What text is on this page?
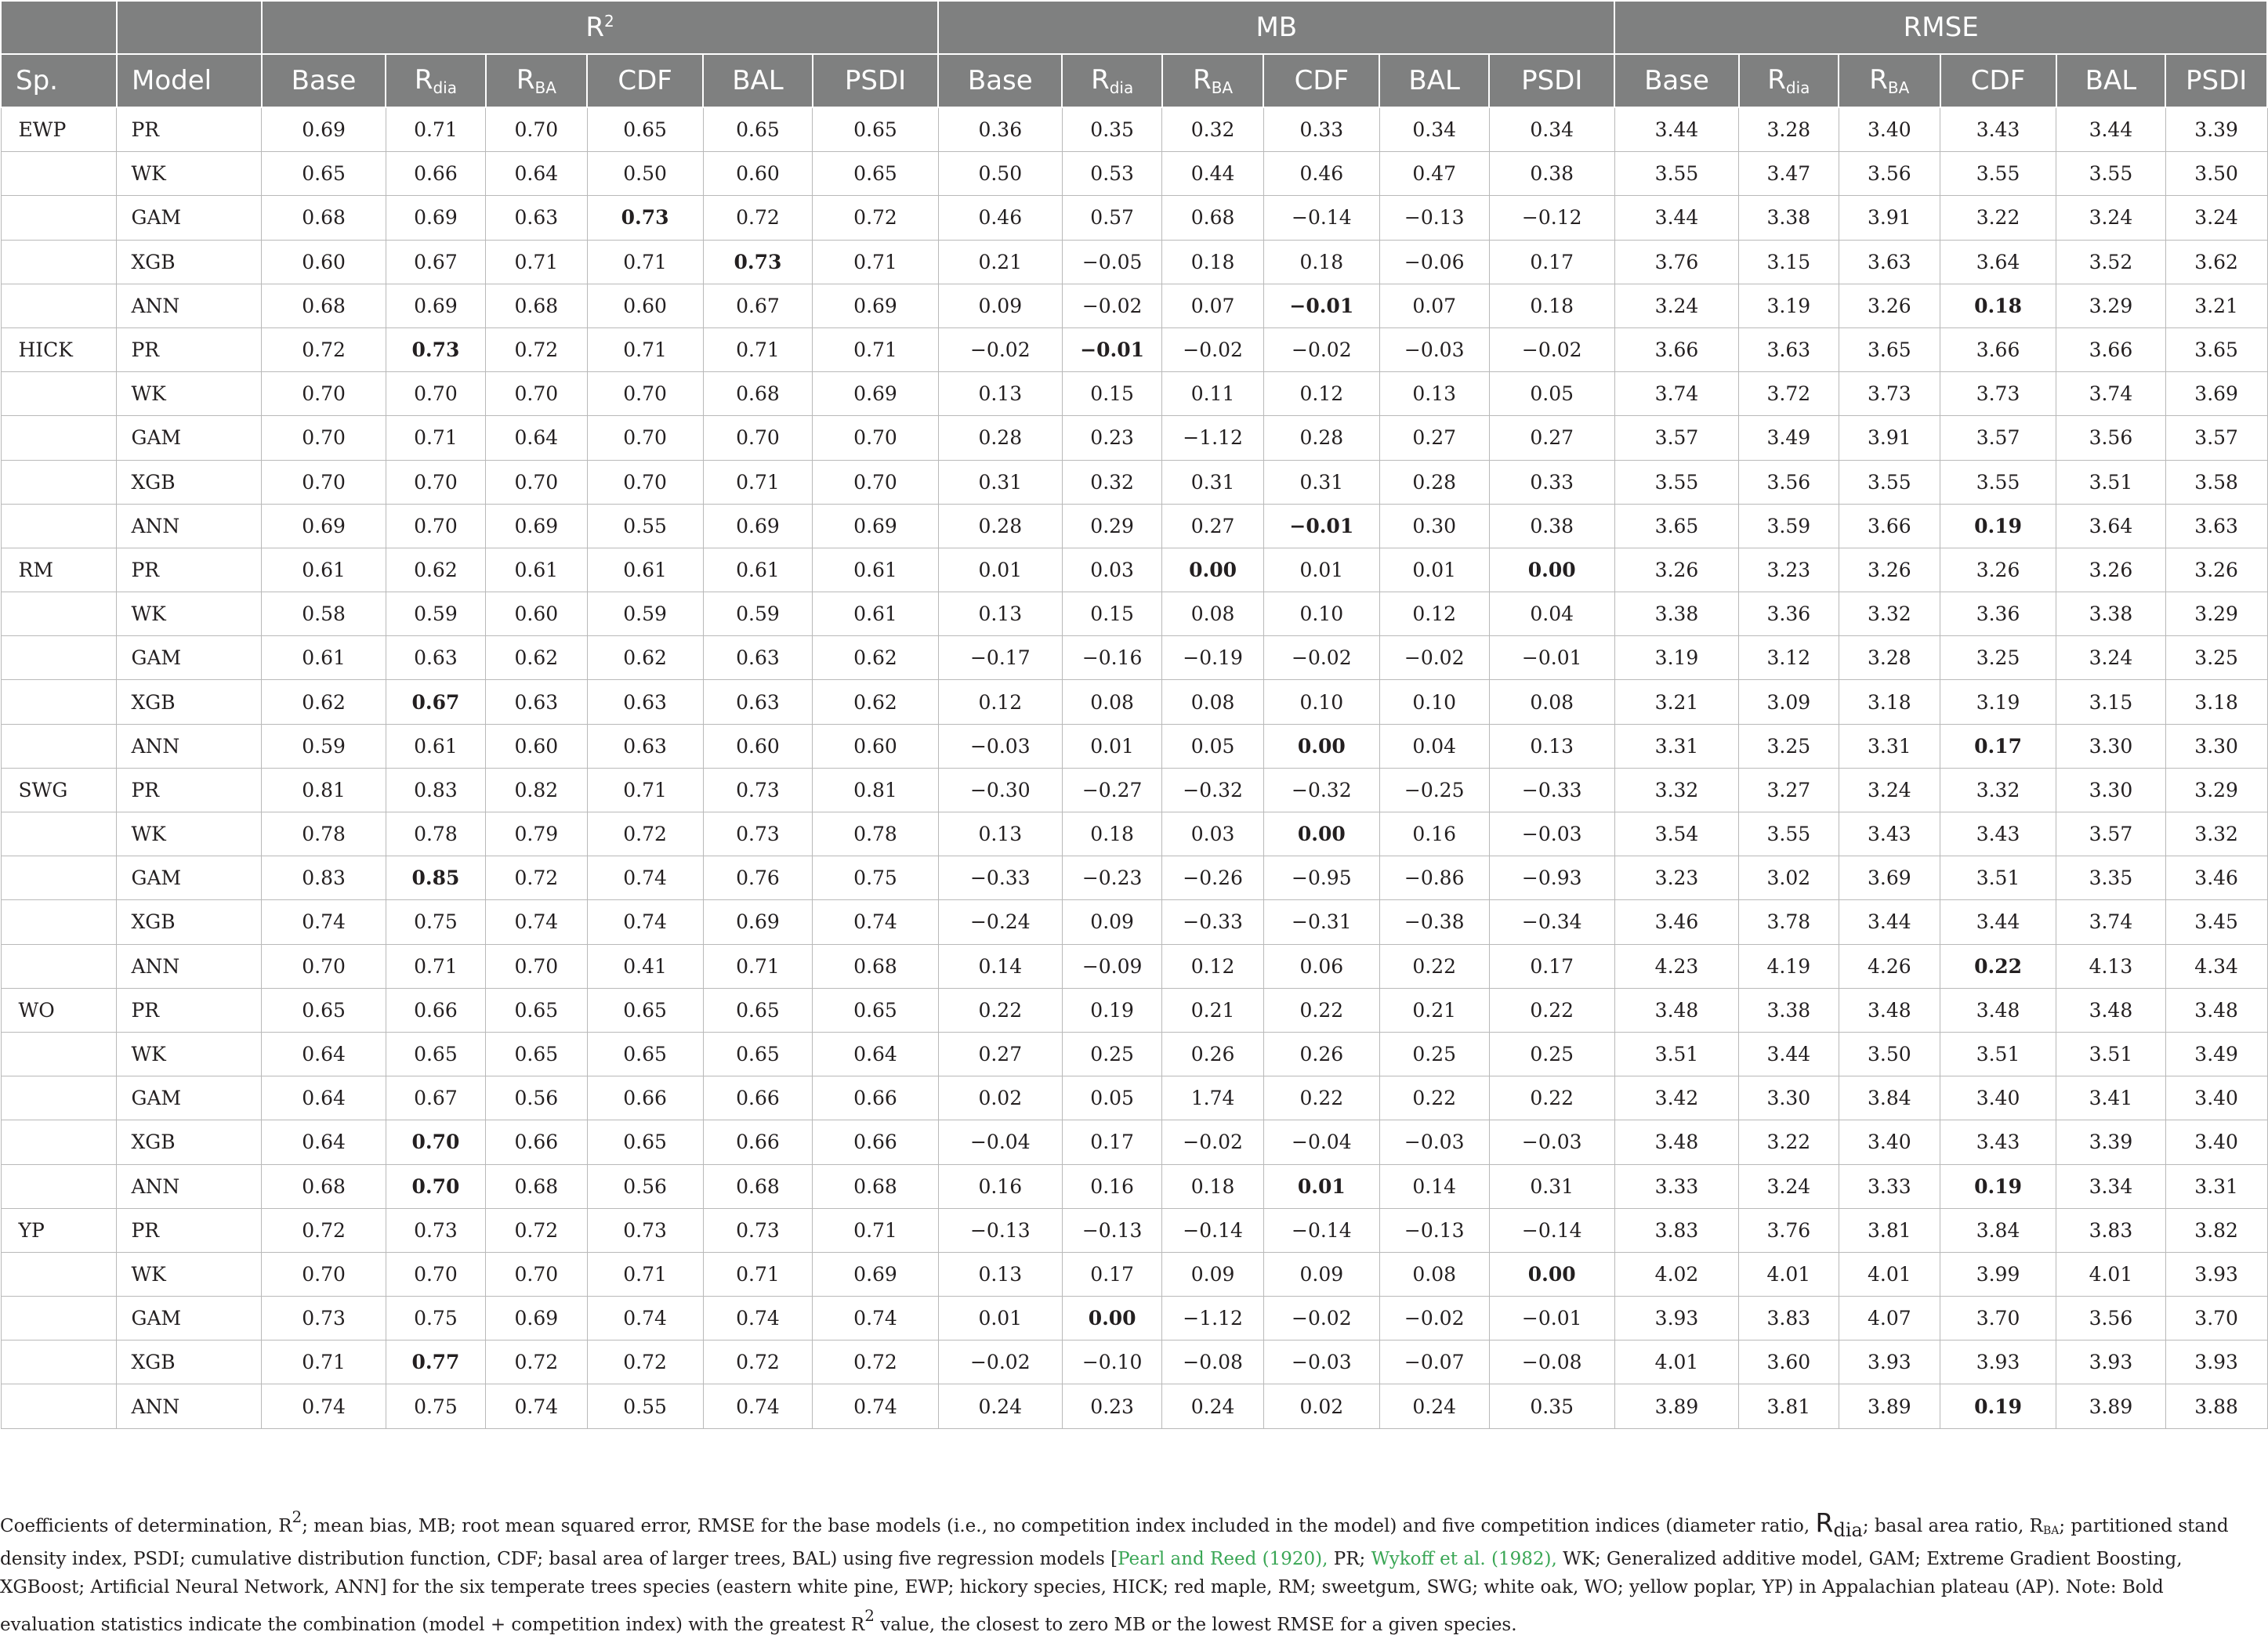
		$R^2$						MB						RMSE					
Sp.	Model	Base	$R_{dia}$	$R_{BA}$	CDF	BAL	PSDI	Base	$R_{dia}$	$R_{BA}$	CDF	BAL	PSDI	Base	$R_{dia}$	$R_{BA}$	CDF	BAL	PSDI
EWP	PR	0.69	0.71	0.70	0.65	0.65	0.65	0.36	0.35	0.32	0.33	0.34	0.34	3.44	3.28	3.40	3.43	3.44	3.39
	WK	0.65	0.66	0.64	0.50	0.60	0.65	0.50	0.53	0.44	0.46	0.47	0.38	3.55	3.47	3.56	3.55	3.55	3.50
	GAM	0.68	0.69	0.63	0.73	0.72	0.72	0.46	0.57	0.68	−0.14	−0.13	−0.12	3.44	3.38	3.91	3.22	3.24	3.24
	XGB	0.60	0.67	0.71	0.71	0.73	0.71	0.21	−0.05	0.18	0.18	−0.06	0.17	3.76	3.15	3.63	3.64	3.52	3.62
	ANN	0.68	0.69	0.68	0.60	0.67	0.69	0.09	−0.02	0.07	−0.01	0.07	0.18	3.24	3.19	3.26	0.18	3.29	3.21
HICK	PR	0.72	0.73	0.72	0.71	0.71	0.71	−0.02	−0.01	−0.02	−0.02	−0.03	−0.02	3.66	3.63	3.65	3.66	3.66	3.65
	WK	0.70	0.70	0.70	0.70	0.68	0.69	0.13	0.15	0.11	0.12	0.13	0.05	3.74	3.72	3.73	3.73	3.74	3.69
	GAM	0.70	0.71	0.64	0.70	0.70	0.70	0.28	0.23	−1.12	0.28	0.27	0.27	3.57	3.49	3.91	3.57	3.56	3.57
	XGB	0.70	0.70	0.70	0.70	0.71	0.70	0.31	0.32	0.31	0.31	0.28	0.33	3.55	3.56	3.55	3.55	3.51	3.58
	ANN	0.69	0.70	0.69	0.55	0.69	0.69	0.28	0.29	0.27	−0.01	0.30	0.38	3.65	3.59	3.66	0.19	3.64	3.63
RM	PR	0.61	0.62	0.61	0.61	0.61	0.61	0.01	0.03	0.00	0.01	0.01	0.00	3.26	3.23	3.26	3.26	3.26	3.26
	WK	0.58	0.59	0.60	0.59	0.59	0.61	0.13	0.15	0.08	0.10	0.12	0.04	3.38	3.36	3.32	3.36	3.38	3.29
	GAM	0.61	0.63	0.62	0.62	0.63	0.62	−0.17	−0.16	−0.19	−0.02	−0.02	−0.01	3.19	3.12	3.28	3.25	3.24	3.25
	XGB	0.62	0.67	0.63	0.63	0.63	0.62	0.12	0.08	0.08	0.10	0.10	0.08	3.21	3.09	3.18	3.19	3.15	3.18
	ANN	0.59	0.61	0.60	0.63	0.60	0.60	−0.03	0.01	0.05	0.00	0.04	0.13	3.31	3.25	3.31	0.17	3.30	3.30
SWG	PR	0.81	0.83	0.82	0.71	0.73	0.81	−0.30	−0.27	−0.32	−0.32	−0.25	−0.33	3.32	3.27	3.24	3.32	3.30	3.29
	WK	0.78	0.78	0.79	0.72	0.73	0.78	0.13	0.18	0.03	0.00	0.16	−0.03	3.54	3.55	3.43	3.43	3.57	3.32
	GAM	0.83	0.85	0.72	0.74	0.76	0.75	−0.33	−0.23	−0.26	−0.95	−0.86	−0.93	3.23	3.02	3.69	3.51	3.35	3.46
	XGB	0.74	0.75	0.74	0.74	0.69	0.74	−0.24	0.09	−0.33	−0.31	−0.38	−0.34	3.46	3.78	3.44	3.44	3.74	3.45
	ANN	0.70	0.71	0.70	0.41	0.71	0.68	0.14	−0.09	0.12	0.06	0.22	0.17	4.23	4.19	4.26	0.22	4.13	4.34
WO	PR	0.65	0.66	0.65	0.65	0.65	0.65	0.22	0.19	0.21	0.22	0.21	0.22	3.48	3.38	3.48	3.48	3.48	3.48
	WK	0.64	0.65	0.65	0.65	0.65	0.64	0.27	0.25	0.26	0.26	0.25	0.25	3.51	3.44	3.50	3.51	3.51	3.49
	GAM	0.64	0.67	0.56	0.66	0.66	0.66	0.02	0.05	1.74	0.22	0.22	0.22	3.42	3.30	3.84	3.40	3.41	3.40
	XGB	0.64	0.70	0.66	0.65	0.66	0.66	−0.04	0.17	−0.02	−0.04	−0.03	−0.03	3.48	3.22	3.40	3.43	3.39	3.40
	ANN	0.68	0.70	0.68	0.56	0.68	0.68	0.16	0.16	0.18	0.01	0.14	0.31	3.33	3.24	3.33	0.19	3.34	3.31
YP	PR	0.72	0.73	0.72	0.73	0.73	0.71	−0.13	−0.13	−0.14	−0.14	−0.13	−0.14	3.83	3.76	3.81	3.84	3.83	3.82
	WK	0.70	0.70	0.70	0.71	0.71	0.69	0.13	0.17	0.09	0.09	0.08	0.00	4.02	4.01	4.01	3.99	4.01	3.93
	GAM	0.73	0.75	0.69	0.74	0.74	0.74	0.01	0.00	−1.12	−0.02	−0.02	−0.01	3.93	3.83	4.07	3.70	3.56	3.70
	XGB	0.71	0.77	0.72	0.72	0.72	0.72	−0.02	−0.10	−0.08	−0.03	−0.07	−0.08	4.01	3.60	3.93	3.93	3.93	3.93
	ANN	0.74	0.75	0.74	0.55	0.74	0.74	0.24	0.23	0.24	0.02	0.24	0.35	3.89	3.81	3.89	0.19	3.89	3.88
Coefficients of determination, $R^2$; mean bias, MB; root mean squared error, RMSE for the base models (i.e., no competition index included in the model) and five competition indices (diameter ratio, $R_{dia}$; basal area ratio, $R_{BA}$; partitioned stand density index, PSDI; cumulative distribution function, CDF; basal area of larger trees, BAL) using five regression models [Pearl and Reed (1920), PR; Wykoff et al. (1982), WK; Generalized additive model, GAM; Extreme Gradient Boosting, XGBoost; Artificial Neural Network, ANN] for the six temperate trees species (eastern white pine, EWP; hickory species, HICK; red maple, RM; sweetgum, SWG; white oak, WO; yellow poplar, YP) in Appalachian plateau (AP). Note: Bold evaluation statistics indicate the combination (model + competition index) with the greatest $R^2$ value, the closest to zero MB or the lowest RMSE for a given species.
